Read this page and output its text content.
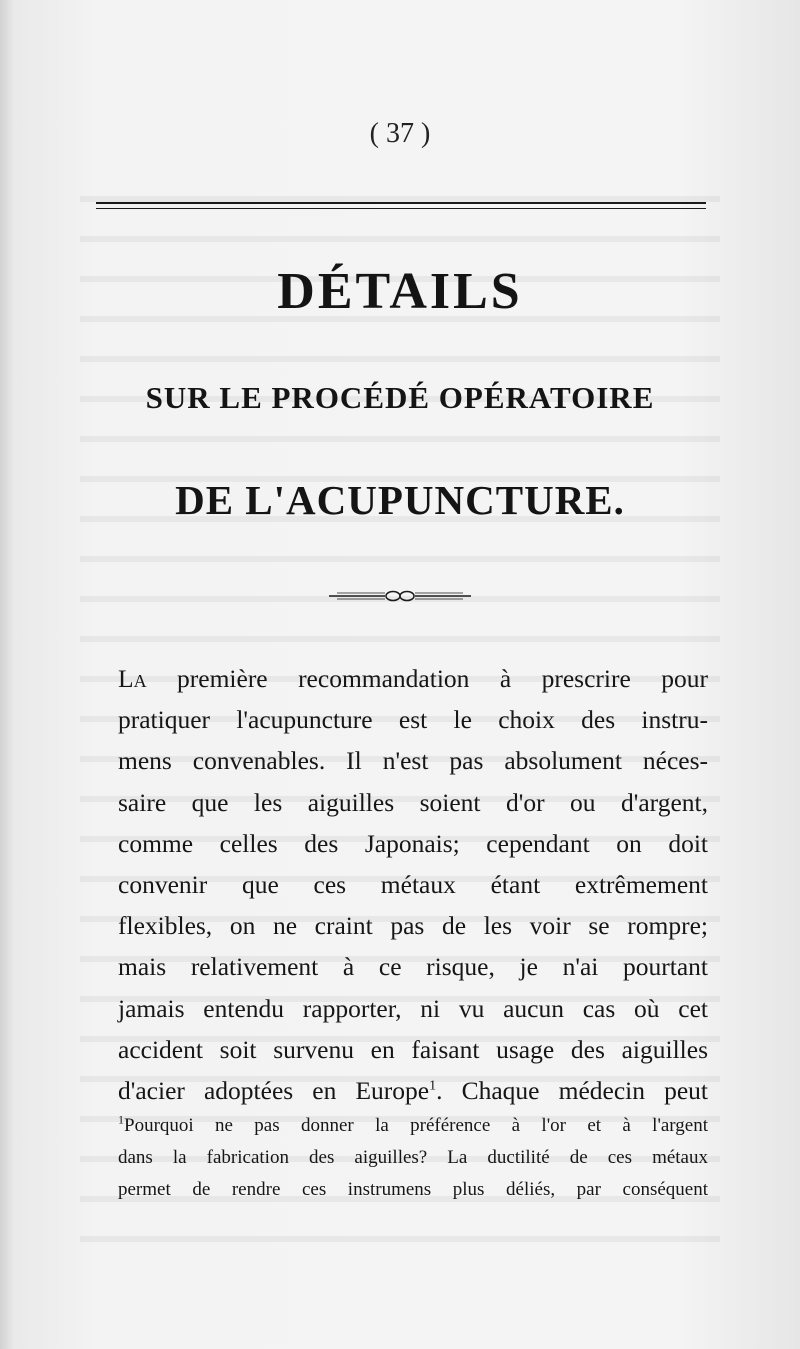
( 37 )
DÉTAILS
SUR LE PROCÉDÉ OPÉRATOIRE
DE L'ACUPUNCTURE.
La première recommandation à prescrire pour
pratiquer l'acupuncture est le choix des instru-
mens convenables. Il n'est pas absolument néces-
saire que les aiguilles soient d'or ou d'argent,
comme celles des Japonais; cependant on doit
convenir que ces métaux étant extrêmement
flexibles, on ne craint pas de les voir se rompre;
mais relativement à ce risque, je n'ai pourtant
jamais entendu rapporter, ni vu aucun cas où cet
accident soit survenu en faisant usage des aiguilles
d'acier adoptées en Europe$^1$. Chaque médecin peut
$^1$Pourquoi ne pas donner la préférence à l'or et à l'argent
dans la fabrication des aiguilles? La ductilité de ces métaux
permet de rendre ces instrumens plus déliés, par conséquent
